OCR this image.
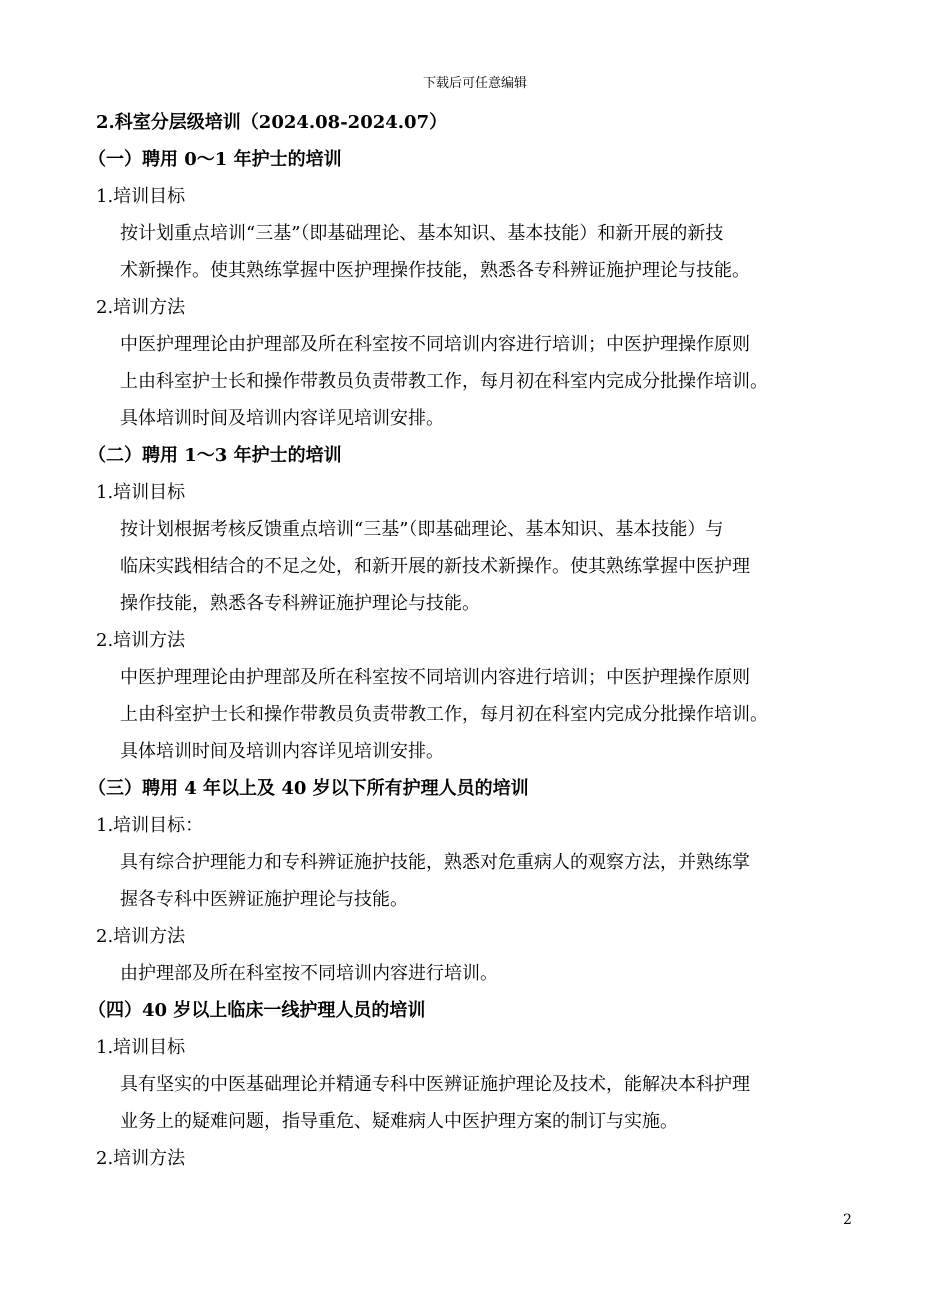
下载后可任意编辑
2.科室分层级培训（2024.08-2024.07）
（一）聘用 0～1 年护士的培训
1.培训目标
按计划重点培训“三基”（即基础理论、基本知识、基本技能）和新开展的新技
术新操作。使其熟练掌握中医护理操作技能，熟悉各专科辨证施护理论与技能。
2.培训方法
中医护理理论由护理部及所在科室按不同培训内容进行培训；中医护理操作原则
上由科室护士长和操作带教员负责带教工作，每月初在科室内完成分批操作培训。
具体培训时间及培训内容详见培训安排。
（二）聘用 1～3 年护士的培训
1.培训目标
按计划根据考核反馈重点培训“三基”（即基础理论、基本知识、基本技能）与
临床实践相结合的不足之处，和新开展的新技术新操作。使其熟练掌握中医护理
操作技能，熟悉各专科辨证施护理论与技能。
2.培训方法
中医护理理论由护理部及所在科室按不同培训内容进行培训；中医护理操作原则
上由科室护士长和操作带教员负责带教工作，每月初在科室内完成分批操作培训。
具体培训时间及培训内容详见培训安排。
（三）聘用 4 年以上及 40 岁以下所有护理人员的培训
1.培训目标：
具有综合护理能力和专科辨证施护技能，熟悉对危重病人的观察方法，并熟练掌
握各专科中医辨证施护理论与技能。
2.培训方法
由护理部及所在科室按不同培训内容进行培训。
（四）40 岁以上临床一线护理人员的培训
1.培训目标
具有坚实的中医基础理论并精通专科中医辨证施护理论及技术，能解决本科护理
业务上的疑难问题，指导重危、疑难病人中医护理方案的制订与实施。
2.培训方法
2
